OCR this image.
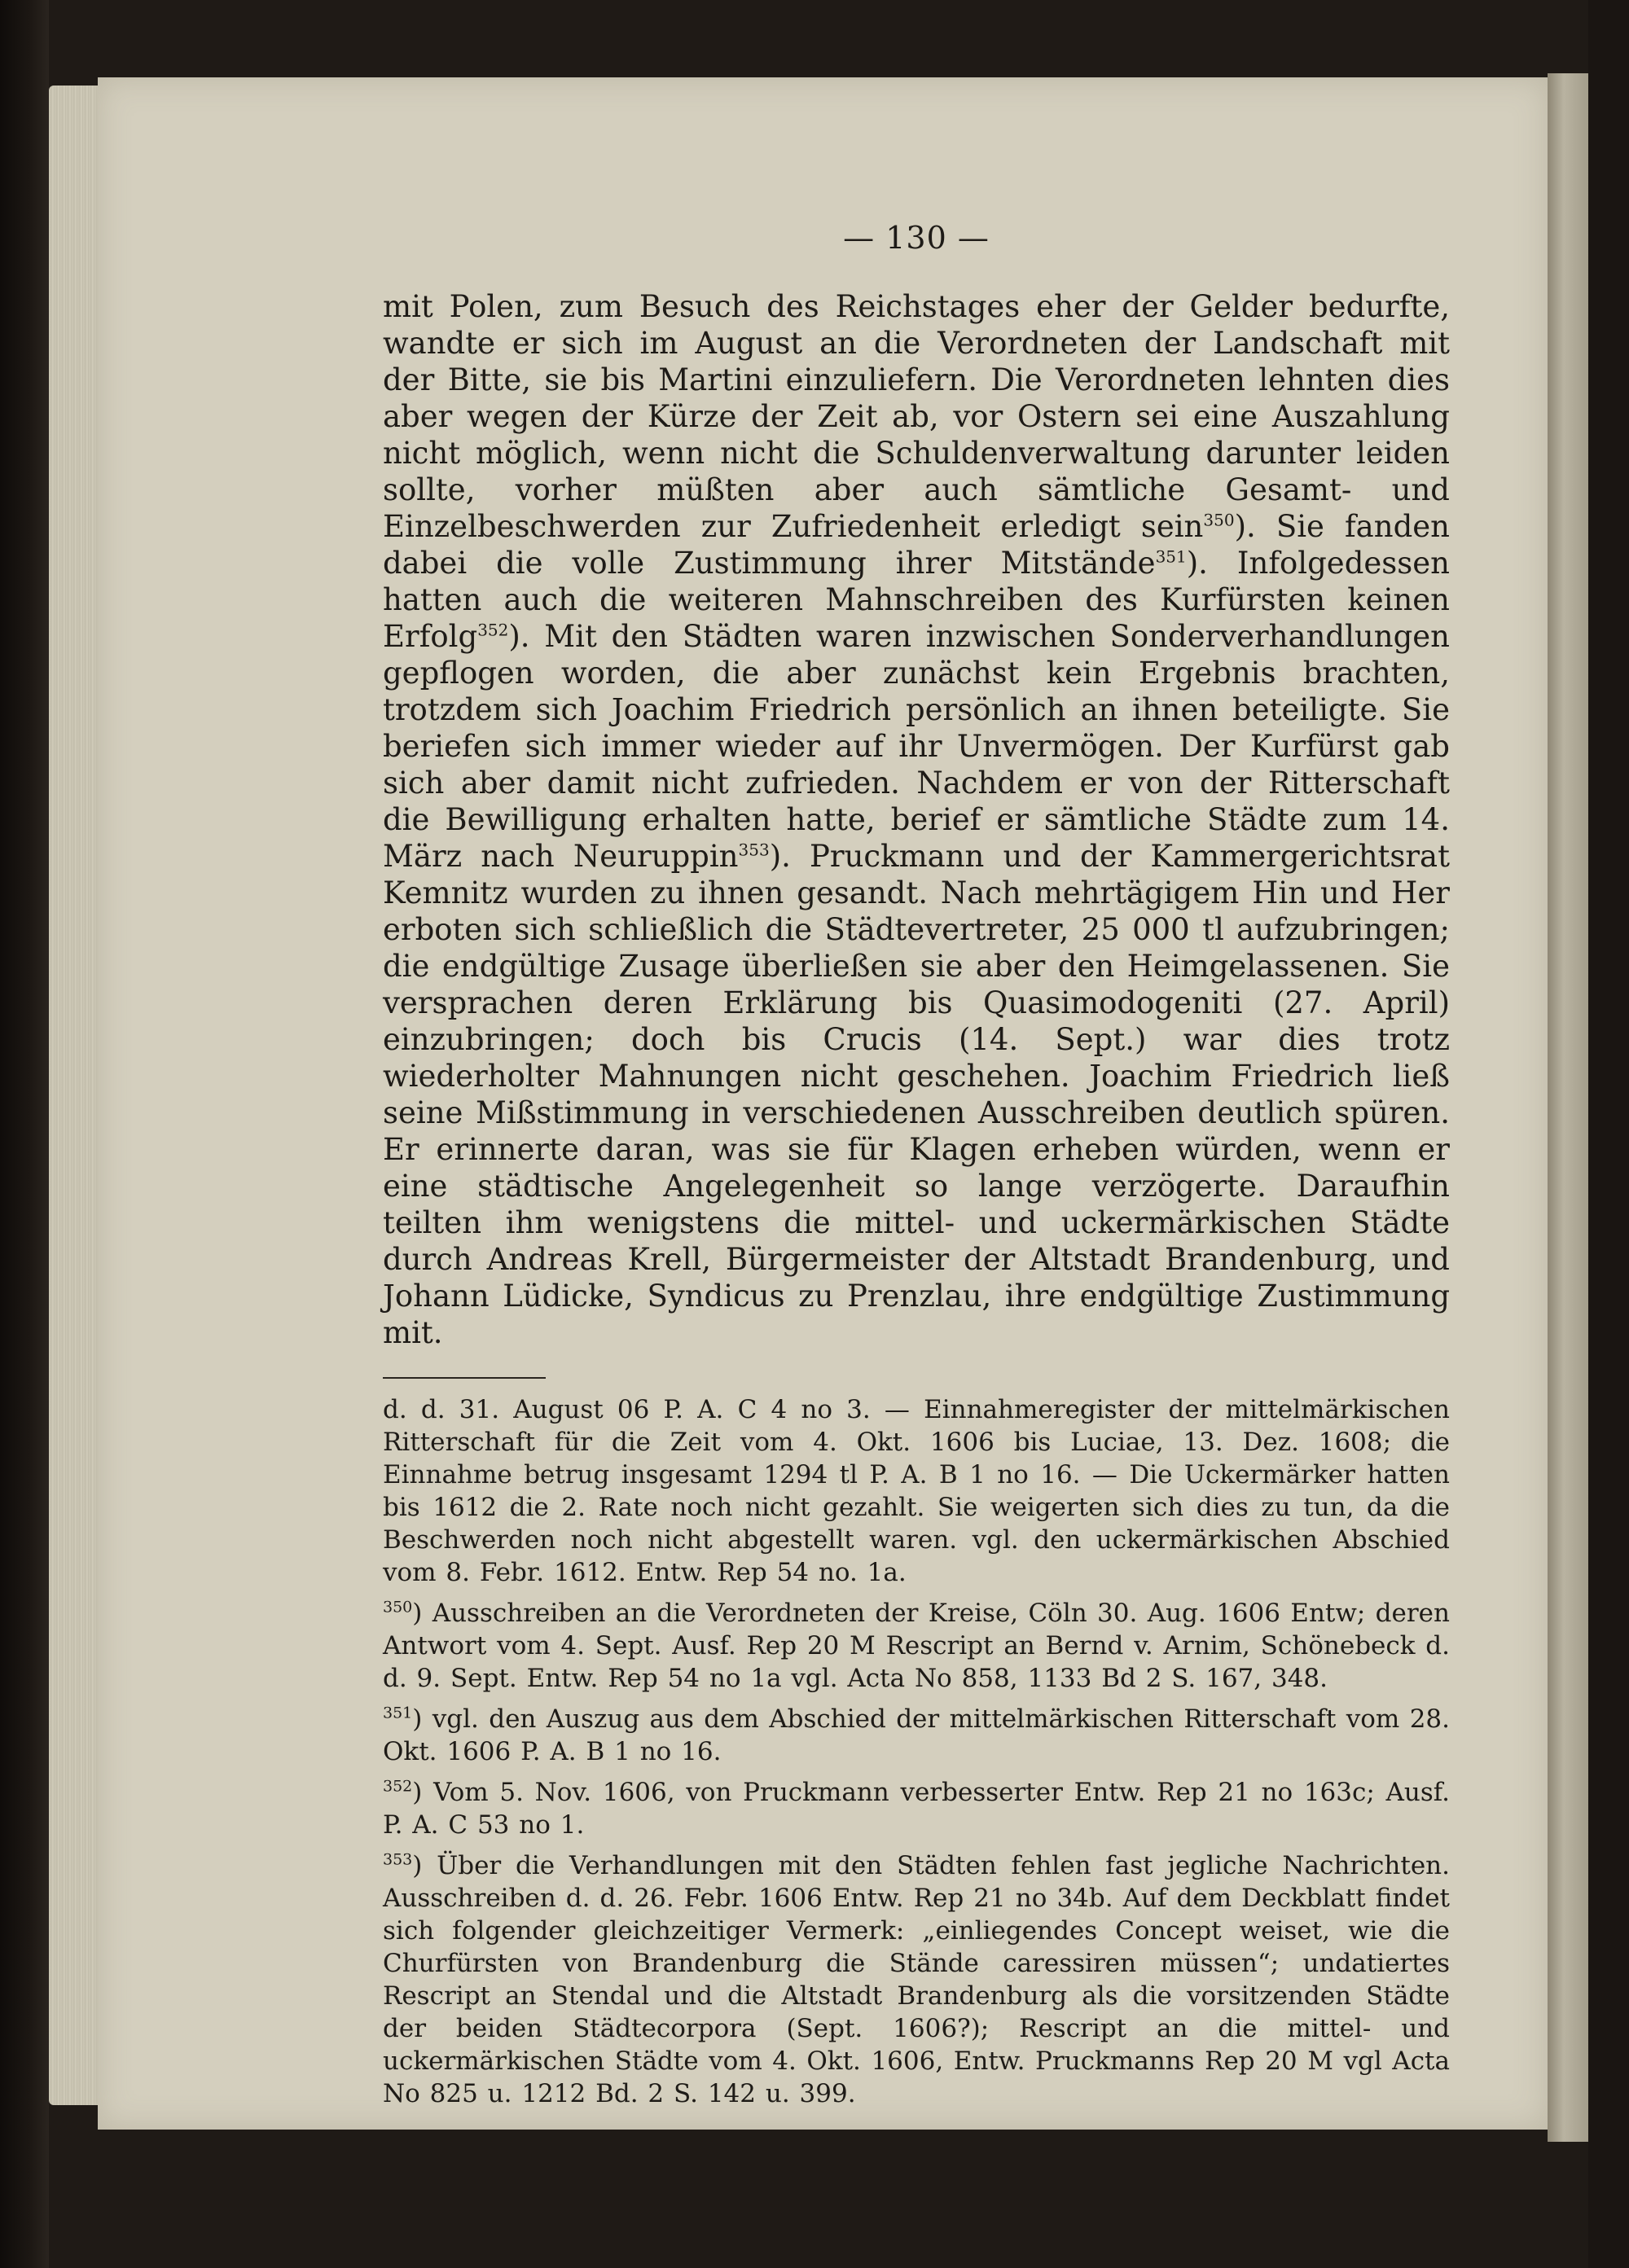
— 130 —

mit Polen, zum Besuch des Reichstages eher der Gelder bedurfte, wandte er sich im August an die Verordneten der Landschaft mit der Bitte, sie bis Martini einzuliefern. Die Verordneten lehnten dies aber wegen der Kürze der Zeit ab, vor Ostern sei eine Auszahlung nicht möglich, wenn nicht die Schuldenverwaltung darunter leiden sollte, vorher müßten aber auch sämtliche Gesamt- und Einzelbeschwerden zur Zufriedenheit erledigt sein$^{350}$). Sie fanden dabei die volle Zustimmung ihrer Mitstände$^{351}$). Infolgedessen hatten auch die weiteren Mahnschreiben des Kurfürsten keinen Erfolg$^{352}$). Mit den Städten waren inzwischen Sonderverhandlungen gepflogen worden, die aber zunächst kein Ergebnis brachten, trotzdem sich Joachim Friedrich persönlich an ihnen beteiligte. Sie beriefen sich immer wieder auf ihr Unvermögen. Der Kurfürst gab sich aber damit nicht zufrieden. Nachdem er von der Ritterschaft die Bewilligung erhalten hatte, berief er sämtliche Städte zum 14. März nach Neuruppin$^{353}$). Pruckmann und der Kammergerichtsrat Kemnitz wurden zu ihnen gesandt. Nach mehrtägigem Hin und Her erboten sich schließlich die Städtevertreter, 25 000 tl aufzubringen; die endgültige Zusage überließen sie aber den Heimgelassenen. Sie versprachen deren Erklärung bis Quasimodogeniti (27. April) einzubringen; doch bis Crucis (14. Sept.) war dies trotz wiederholter Mahnungen nicht geschehen. Joachim Friedrich ließ seine Mißstimmung in verschiedenen Ausschreiben deutlich spüren. Er erinnerte daran, was sie für Klagen erheben würden, wenn er eine städtische Angelegenheit so lange verzögerte. Daraufhin teilten ihm wenigstens die mittel- und uckermärkischen Städte durch Andreas Krell, Bürgermeister der Altstadt Brandenburg, und Johann Lüdicke, Syndicus zu Prenzlau, ihre endgültige Zustimmung mit.

d. d. 31. August 06 P. A. C 4 no 3. — Einnahmeregister der mittelmärkischen Ritterschaft für die Zeit vom 4. Okt. 1606 bis Luciae, 13. Dez. 1608; die Einnahme betrug insgesamt 1294 tl P. A. B 1 no 16. — Die Uckermärker hatten bis 1612 die 2. Rate noch nicht gezahlt. Sie weigerten sich dies zu tun, da die Beschwerden noch nicht abgestellt waren. vgl. den uckermärkischen Abschied vom 8. Febr. 1612. Entw. Rep 54 no. 1a.

$^{350}$) Ausschreiben an die Verordneten der Kreise, Cöln 30. Aug. 1606 Entw; deren Antwort vom 4. Sept. Ausf. Rep 20 M Rescript an Bernd v. Arnim, Schönebeck d. d. 9. Sept. Entw. Rep 54 no 1a vgl. Acta No 858, 1133 Bd 2 S. 167, 348.

$^{351}$) vgl. den Auszug aus dem Abschied der mittelmärkischen Ritterschaft vom 28. Okt. 1606 P. A. B 1 no 16.

$^{352}$) Vom 5. Nov. 1606, von Pruckmann verbesserter Entw. Rep 21 no 163c; Ausf. P. A. C 53 no 1.

$^{353}$) Über die Verhandlungen mit den Städten fehlen fast jegliche Nachrichten. Ausschreiben d. d. 26. Febr. 1606 Entw. Rep 21 no 34b. Auf dem Deckblatt findet sich folgender gleichzeitiger Vermerk: „einliegendes Concept weiset, wie die Churfürsten von Brandenburg die Stände caressiren müssen“; undatiertes Rescript an Stendal und die Altstadt Brandenburg als die vorsitzenden Städte der beiden Städtecorpora (Sept. 1606?); Rescript an die mittel- und uckermärkischen Städte vom 4. Okt. 1606, Entw. Pruckmanns Rep 20 M vgl Acta No 825 u. 1212 Bd. 2 S. 142 u. 399.
